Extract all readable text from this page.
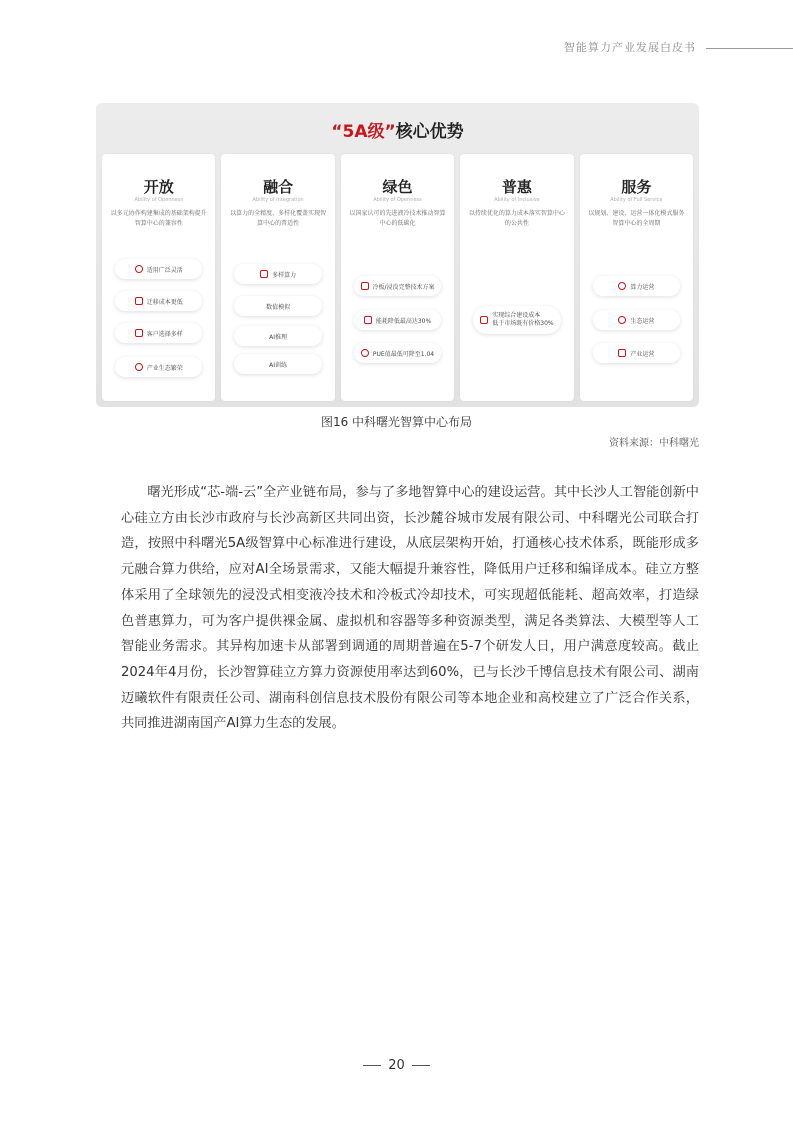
智能算力产业发展白皮书
“5A级”核心优势
开放
Ability of Openness
以多元协作构建集成的基础架构提升智算中心的兼容性
适用广泛灵活
迁移成本更低
客户选择多样
产业生态繁荣
融合
Ability of Integration
以算力的全精度、多样化覆盖实现智算中心的普适性
多样算力
数值模拟
AI推理
AI训练
绿色
Ability of Openness
以国家认可的先进液冷技术推动智算中心的低碳化
冷板/浸没完整技术方案
能耗降低最高达30%
PUE值最低可降至1.04
普惠
Ability of Inclusive
以持续优化的算力成本落实智算中心的公共性
实现综合建设成本
低于市场既有价格30%
服务
Ability of Full Service
以规划、建设、运营一体化模式服务智算中心的全周期
算力运营
生态运营
产业运营
图16 中科曙光智算中心布局
资料来源：中科曙光

曙光形成“芯-端-云”全产业链布局，参与了多地智算中心的建设运营。其中长沙人工智能创新中心硅立方由长沙市政府与长沙高新区共同出资，长沙麓谷城市发展有限公司、中科曙光公司联合打造，按照中科曙光5A级智算中心标准进行建设，从底层架构开始，打通核心技术体系，既能形成多元融合算力供给，应对AI全场景需求，又能大幅提升兼容性，降低用户迁移和编译成本。硅立方整体采用了全球领先的浸没式相变液冷技术和冷板式冷却技术，可实现超低能耗、超高效率，打造绿色普惠算力，可为客户提供裸金属、虚拟机和容器等多种资源类型，满足各类算法、大模型等人工智能业务需求。其异构加速卡从部署到调通的周期普遍在5-7个研发人日，用户满意度较高。截止2024年4月份，长沙智算硅立方算力资源使用率达到60%，已与长沙千博信息技术有限公司、湖南迈曦软件有限责任公司、湖南科创信息技术股份有限公司等本地企业和高校建立了广泛合作关系，共同推进湖南国产AI算力生态的发展。

20
